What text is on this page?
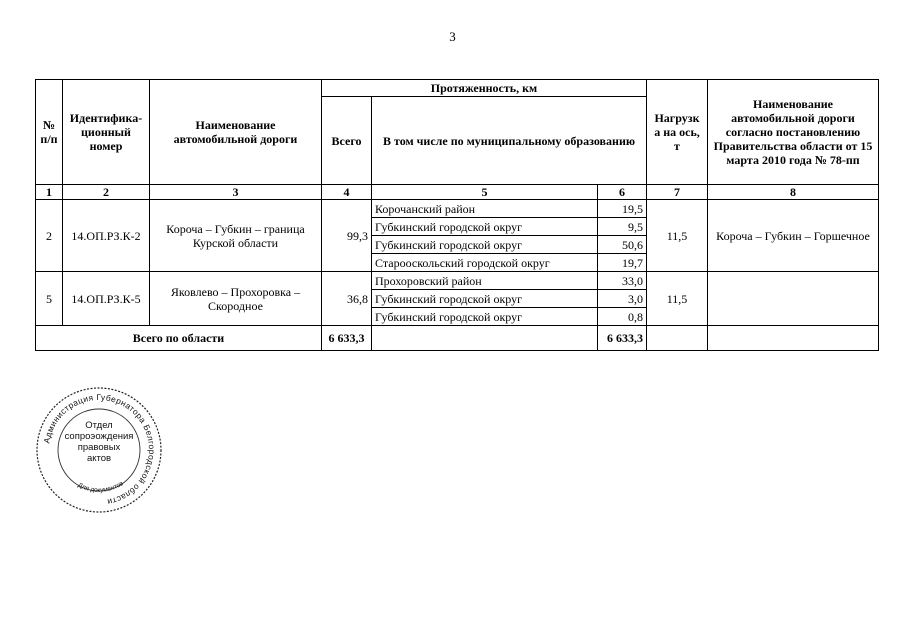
3
№ п/п	Идентифика-ционный номер	Наименование автомобильной дороги	Протяженность, км			Нагрузк а на ось, т	Наименование автомобильной дороги согласно постановлению Правительства области от 15 марта 2010 года № 78-пп
			Всего	В том числе по муниципальному образованию			
1	2	3	4	5	6	7	8
2	14.ОП.РЗ.К-2	Короча – Губкин – граница Курской области	99,3	Корочанский район	19,5	11,5	Короча – Губкин – Горшечное
				Губкинский городской округ	9,5		
				Губкинский городской округ	50,6		
				Старооскольский городской округ	19,7		
5	14.ОП.РЗ.К-5	Яковлево – Прохоровка – Скородное	36,8	Прохоровский район	33,0	11,5	
				Губкинский городской округ	3,0		
				Губкинский городской округ	0,8		
Всего по области			6 633,3		6 633,3		
Администрация Губернатора Белгородской области
Для документов
Отдел
сопроэождения
правовых
актов
